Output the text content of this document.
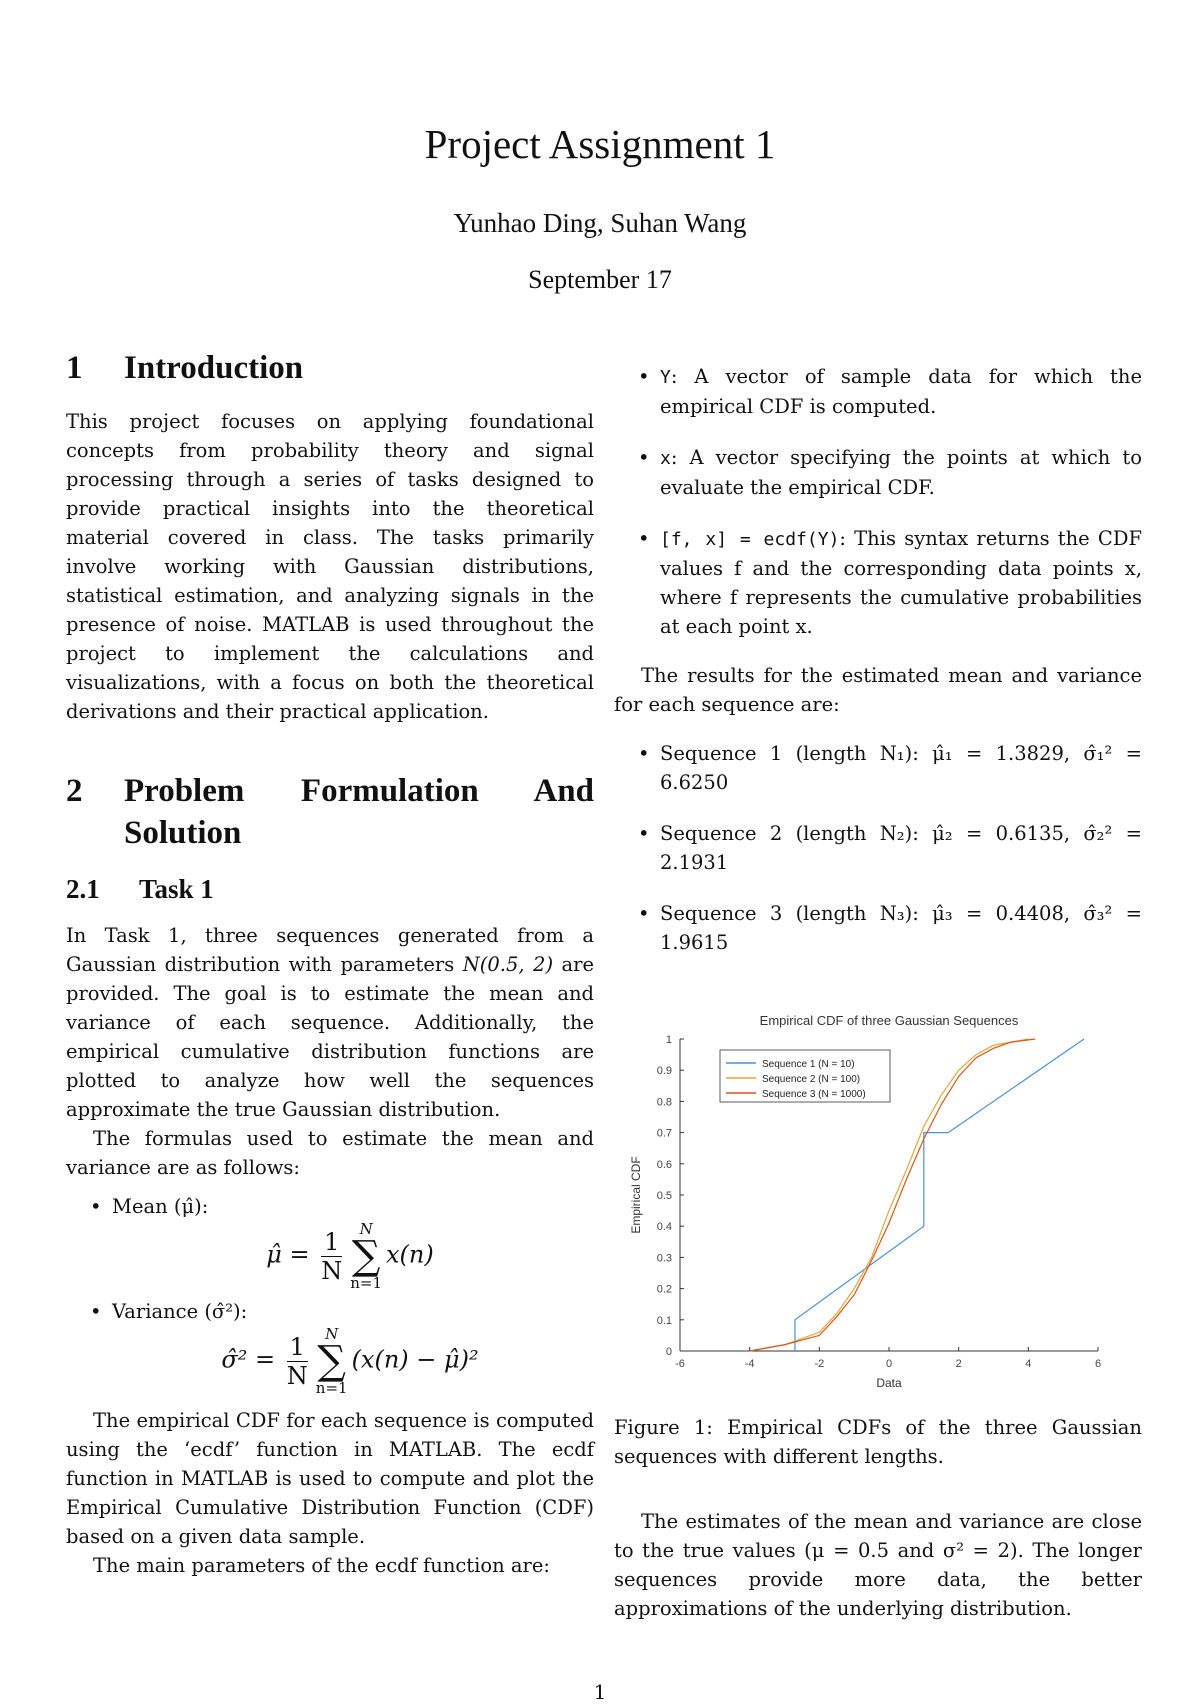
Project Assignment 1
Yunhao Ding, Suhan Wang
September 17
1 Introduction

This project focuses on applying foundational concepts from probability theory and signal processing through a series of tasks designed to provide practical insights into the theoretical material covered in class. The tasks primarily involve working with Gaussian distributions, statistical estimation, and analyzing signals in the presence of noise. MATLAB is used throughout the project to implement the calculations and visualizations, with a focus on both the theoretical derivations and their practical application.

2	Problem Formulation And Solution
2.1 Task 1

In Task 1, three sequences generated from a Gaussian distribution with parameters N(0.5, 2) are provided. The goal is to estimate the mean and variance of each sequence. Additionally, the empirical cumulative distribution functions are plotted to analyze how well the sequences approximate the true Gaussian distribution.

The formulas used to estimate the mean and variance are as follows:

• Mean (μ̂):
μ̂ = $\frac{1}{N}$	N
∑
n=1
x(n)
• Variance (σ̂²):
σ̂² = $\frac{1}{N}$	N
∑
n=1
(x(n) − μ̂)²

The empirical CDF for each sequence is computed using the ‘ecdf’ function in MATLAB. The ecdf function in MATLAB is used to compute and plot the Empirical Cumulative Distribution Function (CDF) based on a given data sample.

The main parameters of the ecdf function are:

• Y: A vector of sample data for which the empirical CDF is computed.
• x: A vector specifying the points at which to evaluate the empirical CDF.
• [f, x] = ecdf(Y): This syntax returns the CDF values f and the corresponding data points x, where f represents the cumulative probabilities at each point x.

The results for the estimated mean and variance for each sequence are:

• Sequence 1 (length N₁): μ̂₁ = 1.3829, σ̂₁² = 6.6250
• Sequence 2 (length N₂): μ̂₂ = 0.6135, σ̂₂² = 2.1931
• Sequence 3 (length N₃): μ̂₃ = 0.4408, σ̂₃² = 1.9615
-6	-4	-2	0	2	4	6
0
0.1
0.2
0.3
0.4
0.5
0.6
0.7
0.8
0.9
1
Empirical CDF of three Gaussian Sequences
Data
Empirical CDF
Sequence 1 (N = 10)
Sequence 2 (N = 100)
Sequence 3 (N = 1000)

Figure 1: Empirical CDFs of the three Gaussian sequences with different lengths.

The estimates of the mean and variance are close to the true values (μ = 0.5 and σ² = 2). The longer sequences provide more data, the better approximations of the underlying distribution.

1
